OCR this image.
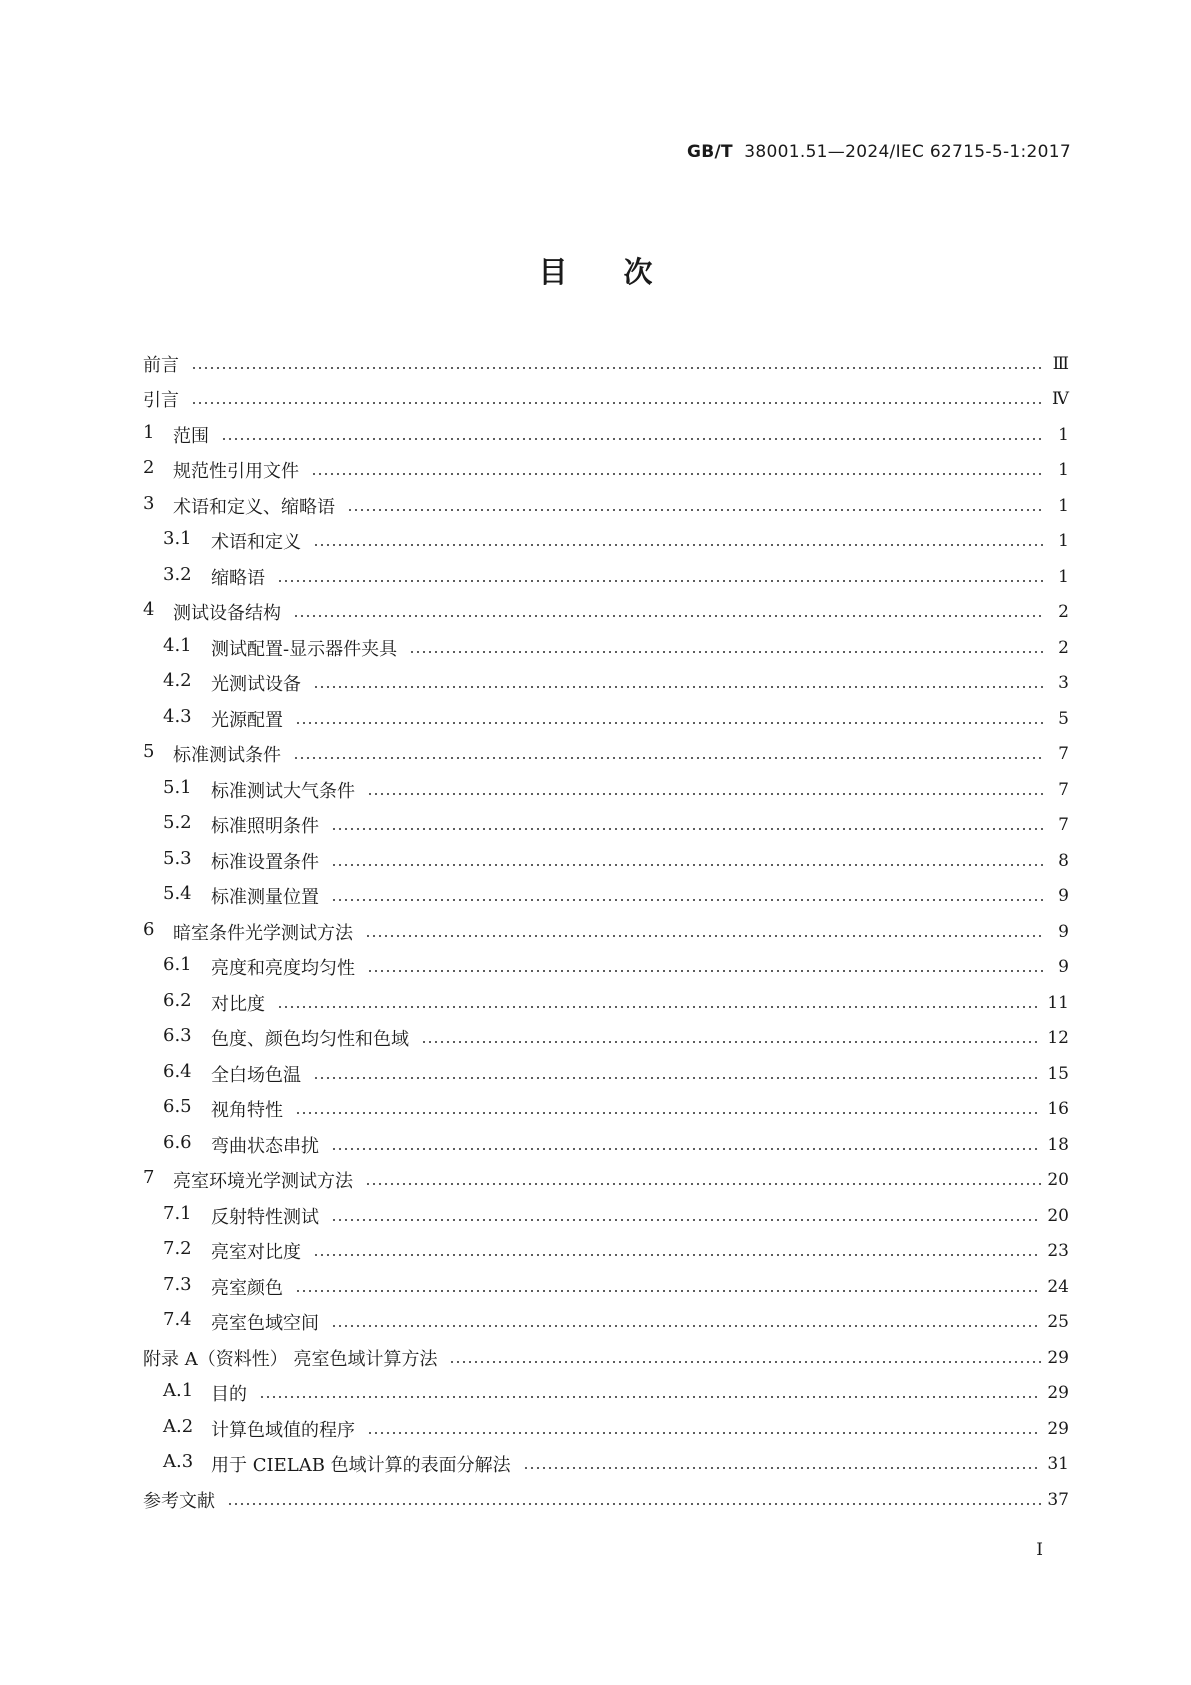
GB/T 38001.51—2024/IEC 62715-5-1:2017
目次
前言	Ⅲ
引言	Ⅳ
1	范围	1
2	规范性引用文件	1
3	术语和定义、缩略语	1
3.1	术语和定义	1
3.2	缩略语	1
4	测试设备结构	2
4.1	测试配置-显示器件夹具	2
4.2	光测试设备	3
4.3	光源配置	5
5	标准测试条件	7
5.1	标准测试大气条件	7
5.2	标准照明条件	7
5.3	标准设置条件	8
5.4	标准测量位置	9
6	暗室条件光学测试方法	9
6.1	亮度和亮度均匀性	9
6.2	对比度	11
6.3	色度、颜色均匀性和色域	12
6.4	全白场色温	15
6.5	视角特性	16
6.6	弯曲状态串扰	18
7	亮室环境光学测试方法	20
7.1	反射特性测试	20
7.2	亮室对比度	23
7.3	亮室颜色	24
7.4	亮室色域空间	25
附录 A（资料性） 亮室色域计算方法	29
A.1 目的	29
A.2 计算色域值的程序	29
A.3 用于 CIELAB 色域计算的表面分解法	31
参考文献	37
I
